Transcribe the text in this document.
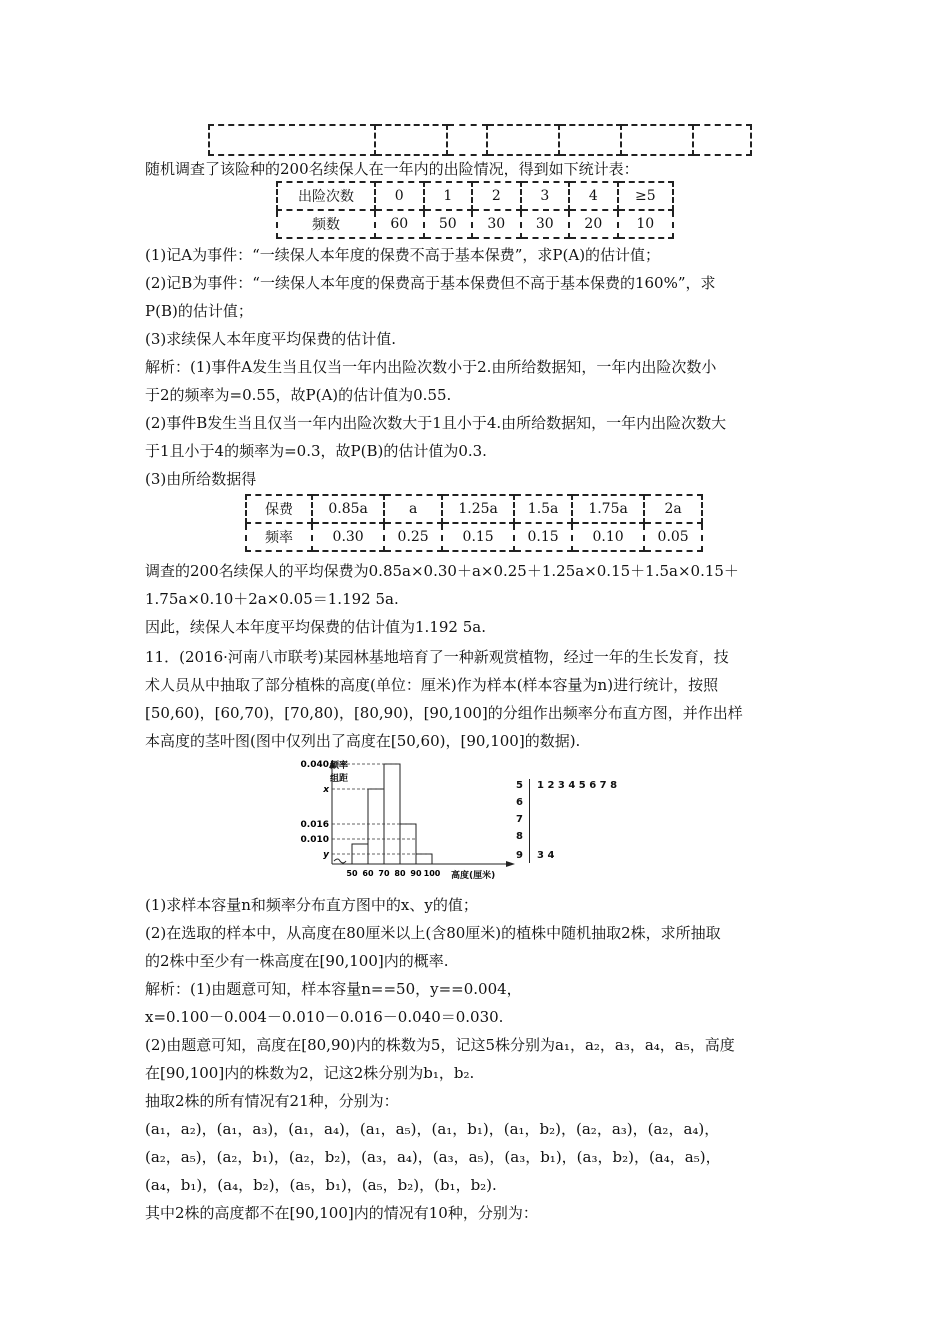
随机调查了该险种的200名续保人在一年内的出险情况，得到如下统计表：
出险次数	0	1	2	3	4	≥5
频数	60	50	30	30	20	10
(1)记A为事件：“一续保人本年度的保费不高于基本保费”，求P(A)的估计值；
(2)记B为事件：“一续保人本年度的保费高于基本保费但不高于基本保费的160%”，求
P(B)的估计值；
(3)求续保人本年度平均保费的估计值.
解析：(1)事件A发生当且仅当一年内出险次数小于2.由所给数据知，一年内出险次数小
于2的频率为=0.55，故P(A)的估计值为0.55.
(2)事件B发生当且仅当一年内出险次数大于1且小于4.由所给数据知，一年内出险次数大
于1且小于4的频率为=0.3，故P(B)的估计值为0.3.
(3)由所给数据得
保费	0.85a	a	1.25a	1.5a	1.75a	2a
频率	0.30	0.25	0.15	0.15	0.10	0.05
调查的200名续保人的平均保费为0.85a×0.30＋a×0.25＋1.25a×0.15＋1.5a×0.15＋
1.75a×0.10＋2a×0.05＝1.192 5a.
因此，续保人本年度平均保费的估计值为1.192 5a.
11．(2016·河南八市联考)某园林基地培育了一种新观赏植物，经过一年的生长发育，技
术人员从中抽取了部分植株的高度(单位：厘米)作为样本(样本容量为n)进行统计，按照
[50,60)，[60,70)，[70,80)，[80,90)，[90,100]的分组作出频率分布直方图，并作出样
本高度的茎叶图(图中仅列出了高度在[50,60)，[90,100]的数据).
0.040
x
0.016
0.010
y
50 60 70 80 90 100
频率
组距
高度(厘米)
5 1 2 3 4 5 6 7 8
6
7
8
9 3 4
(1)求样本容量n和频率分布直方图中的x、y的值；
(2)在选取的样本中，从高度在80厘米以上(含80厘米)的植株中随机抽取2株，求所抽取
的2株中至少有一株高度在[90,100]内的概率.
解析：(1)由题意可知，样本容量n==50，y==0.004，
x=0.100－0.004－0.010－0.016－0.040＝0.030.
(2)由题意可知，高度在[80,90)内的株数为5，记这5株分别为a₁，a₂，a₃，a₄，a₅，高度
在[90,100]内的株数为2，记这2株分别为b₁，b₂.
抽取2株的所有情况有21种，分别为：
(a₁，a₂)，(a₁，a₃)，(a₁，a₄)，(a₁，a₅)，(a₁，b₁)，(a₁，b₂)，(a₂，a₃)，(a₂，a₄)，
(a₂，a₅)，(a₂，b₁)，(a₂，b₂)，(a₃，a₄)，(a₃，a₅)，(a₃，b₁)，(a₃，b₂)，(a₄，a₅)，
(a₄，b₁)，(a₄，b₂)，(a₅，b₁)，(a₅，b₂)，(b₁，b₂).
其中2株的高度都不在[90,100]内的情况有10种，分别为：
